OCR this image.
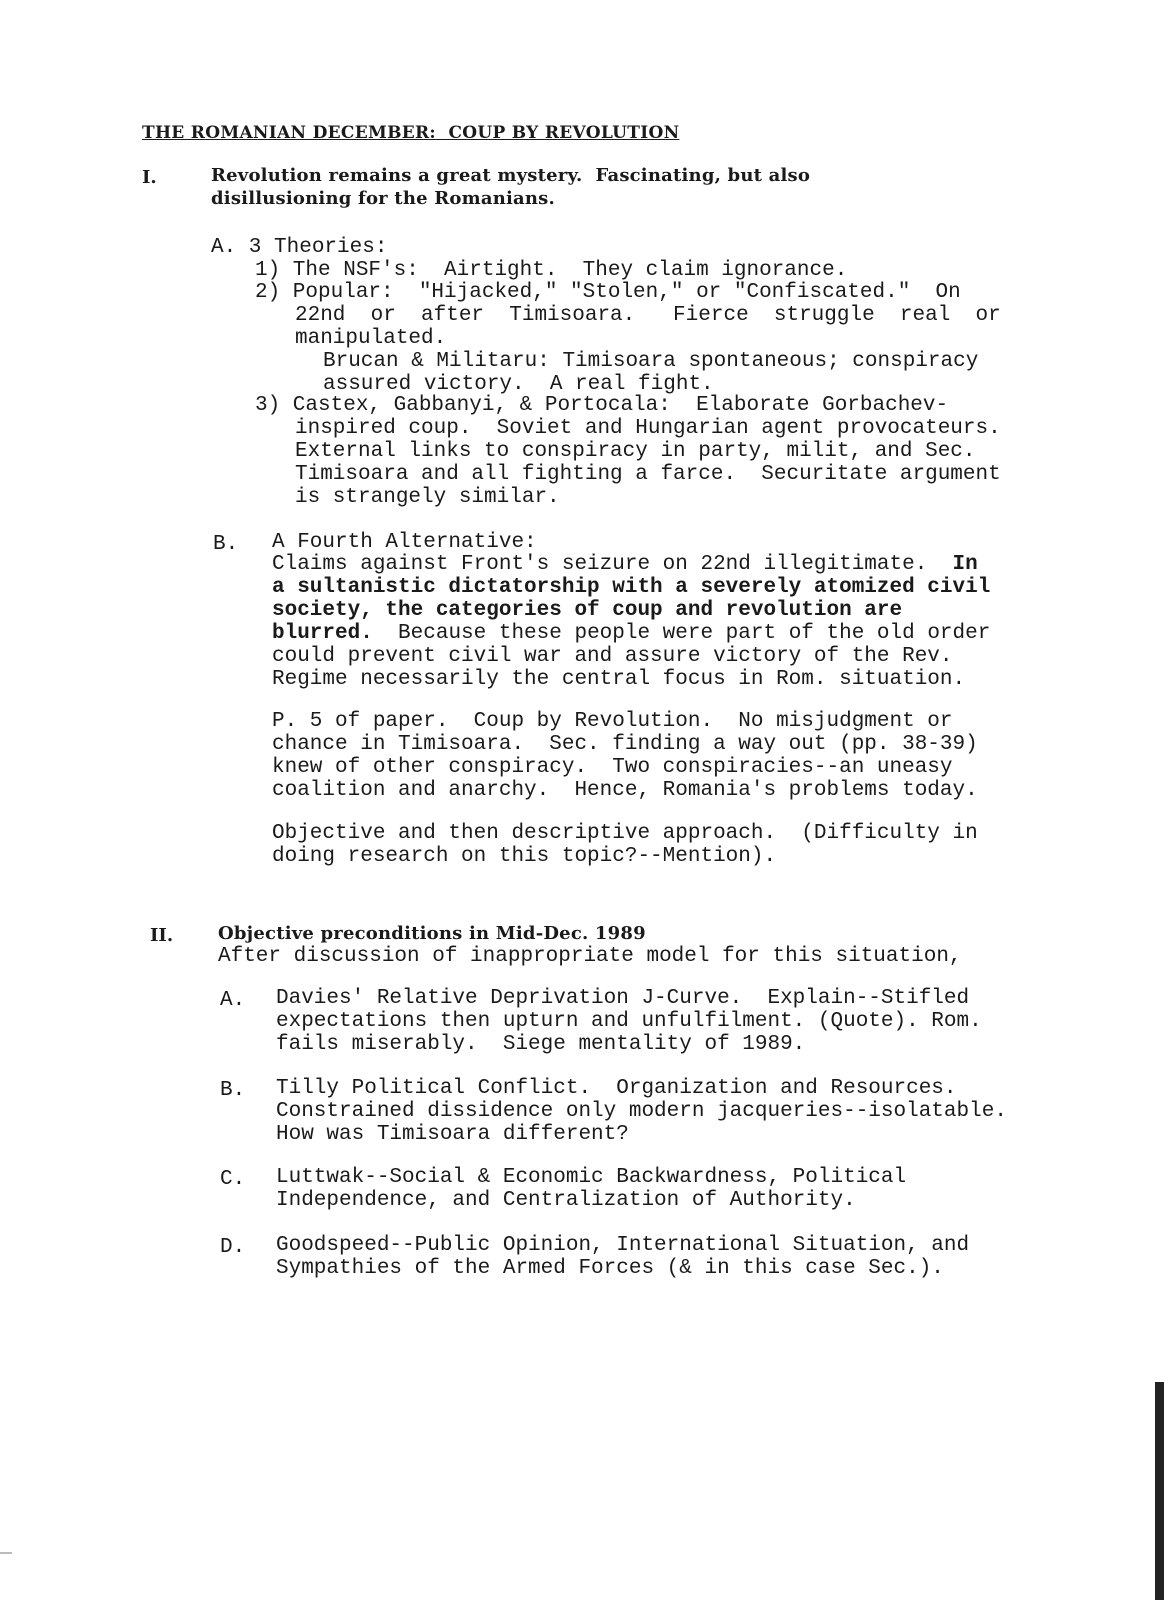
THE ROMANIAN DECEMBER:  COUP BY REVOLUTION
I.	Revolution remains a great mystery.  Fascinating, but also
disillusioning for the Romanians.
A. 3 Theories:
1) The NSF's:  Airtight.  They claim ignorance.
2) Popular:  "Hijacked," "Stolen," or "Confiscated."  On
22nd  or  after  Timisoara.   Fierce  struggle  real  or
manipulated.
Brucan & Militaru: Timisoara spontaneous; conspiracy
assured victory.  A real fight.
3) Castex, Gabbanyi, & Portocala:  Elaborate Gorbachev-
inspired coup.  Soviet and Hungarian agent provocateurs.
External links to conspiracy in party, milit, and Sec.
Timisoara and all fighting a farce.  Securitate argument
is strangely similar.
B. A Fourth Alternative:
Claims against Front's seizure on 22nd illegitimate. In
a sultanistic dictatorship with a severely atomized civil
society, the categories of coup and revolution are
blurred.  Because these people were part of the old order
could prevent civil war and assure victory of the Rev.
Regime necessarily the central focus in Rom. situation.
P. 5 of paper.  Coup by Revolution.  No misjudgment or
chance in Timisoara.  Sec. finding a way out (pp. 38-39)
knew of other conspiracy.  Two conspiracies--an uneasy
coalition and anarchy.  Hence, Romania's problems today.
Objective and then descriptive approach.  (Difficulty in
doing research on this topic?--Mention).
II. Objective preconditions in Mid-Dec. 1989
After discussion of inappropriate model for this situation,
A. Davies' Relative Deprivation J-Curve.  Explain--Stifled
expectations then upturn and unfulfilment. (Quote). Rom.
fails miserably.  Siege mentality of 1989.
B. Tilly Political Conflict.  Organization and Resources.
Constrained dissidence only modern jacqueries--isolatable.
How was Timisoara different?
C. Luttwak--Social & Economic Backwardness, Political
Independence, and Centralization of Authority.
D. Goodspeed--Public Opinion, International Situation, and
Sympathies of the Armed Forces (& in this case Sec.).
